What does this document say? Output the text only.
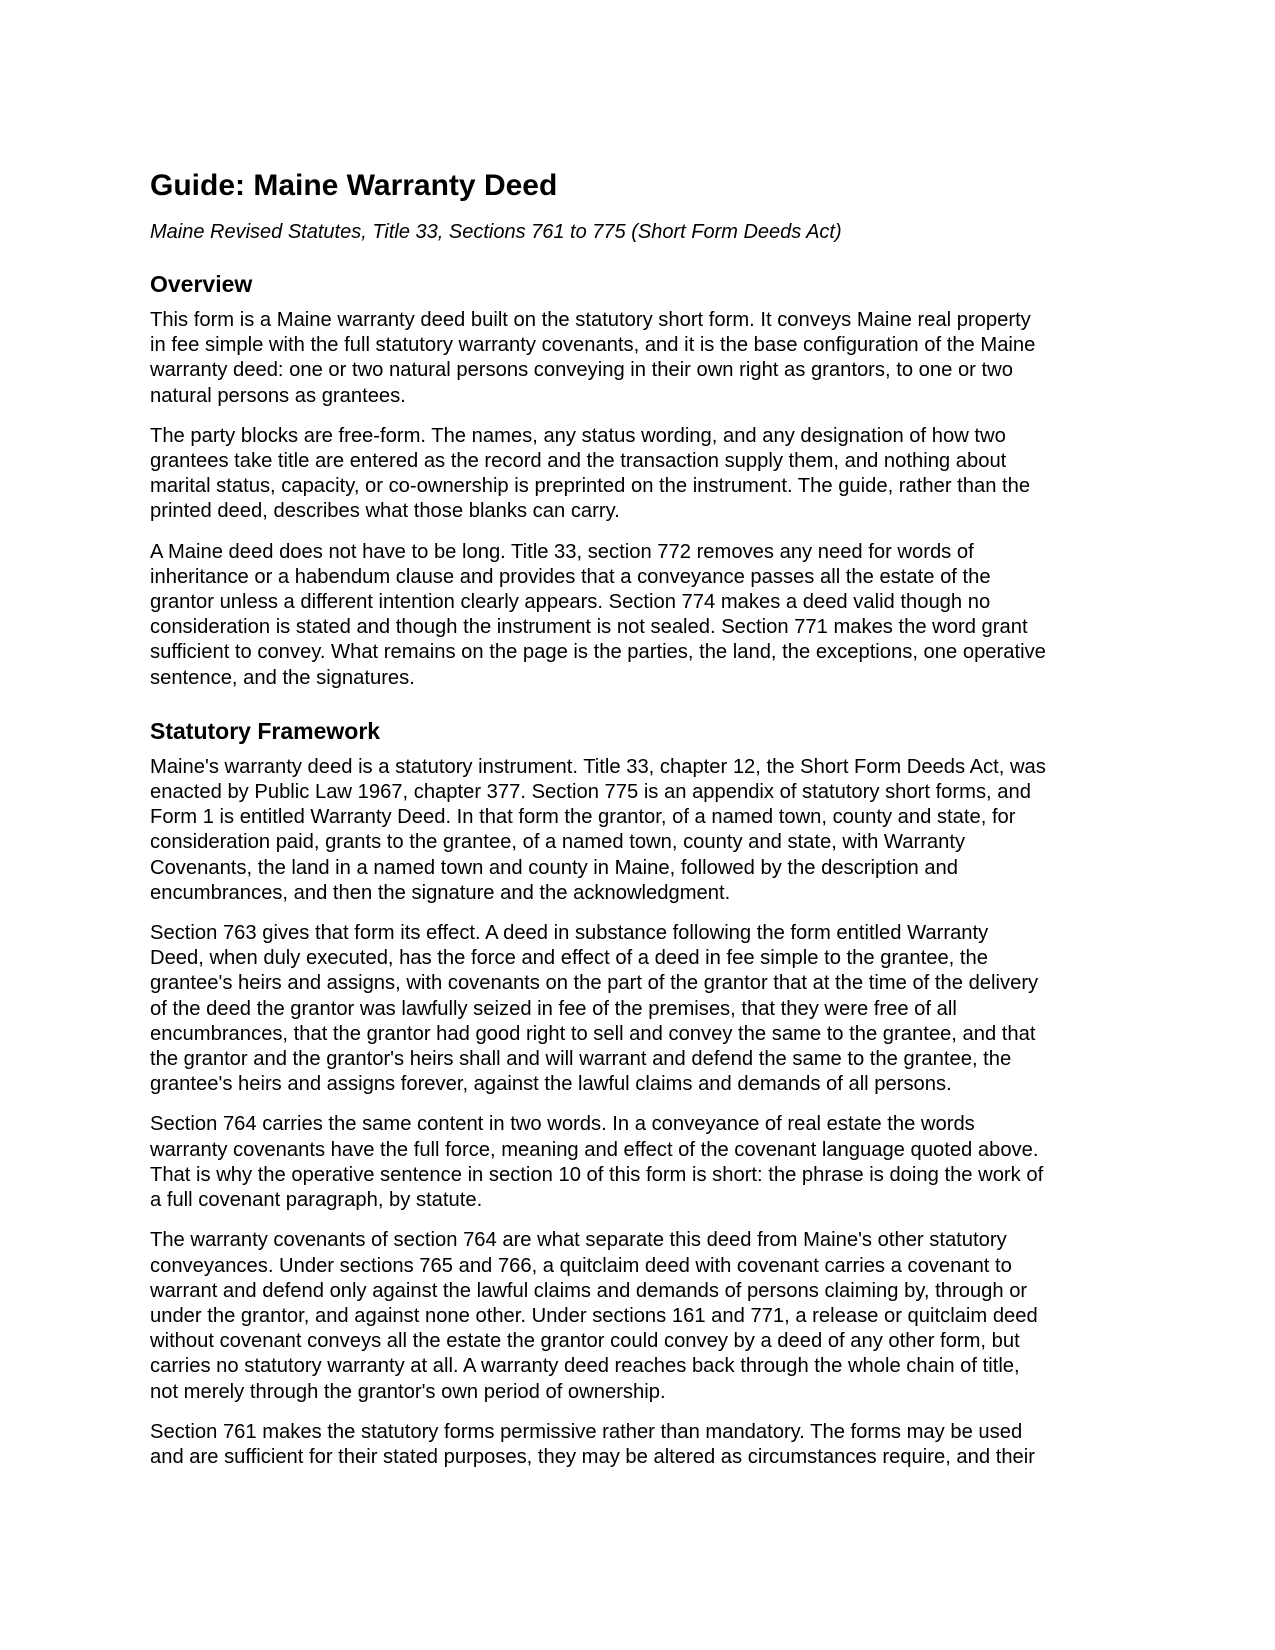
Guide: Maine Warranty Deed

Maine Revised Statutes, Title 33, Sections 761 to 775 (Short Form Deeds Act)

Overview

This form is a Maine warranty deed built on the statutory short form. It conveys Maine real property
in fee simple with the full statutory warranty covenants, and it is the base configuration of the Maine
warranty deed: one or two natural persons conveying in their own right as grantors, to one or two
natural persons as grantees.

The party blocks are free-form. The names, any status wording, and any designation of how two
grantees take title are entered as the record and the transaction supply them, and nothing about
marital status, capacity, or co-ownership is preprinted on the instrument. The guide, rather than the
printed deed, describes what those blanks can carry.

A Maine deed does not have to be long. Title 33, section 772 removes any need for words of
inheritance or a habendum clause and provides that a conveyance passes all the estate of the
grantor unless a different intention clearly appears. Section 774 makes a deed valid though no
consideration is stated and though the instrument is not sealed. Section 771 makes the word grant
sufficient to convey. What remains on the page is the parties, the land, the exceptions, one operative
sentence, and the signatures.

Statutory Framework

Maine's warranty deed is a statutory instrument. Title 33, chapter 12, the Short Form Deeds Act, was
enacted by Public Law 1967, chapter 377. Section 775 is an appendix of statutory short forms, and
Form 1 is entitled Warranty Deed. In that form the grantor, of a named town, county and state, for
consideration paid, grants to the grantee, of a named town, county and state, with Warranty
Covenants, the land in a named town and county in Maine, followed by the description and
encumbrances, and then the signature and the acknowledgment.

Section 763 gives that form its effect. A deed in substance following the form entitled Warranty
Deed, when duly executed, has the force and effect of a deed in fee simple to the grantee, the
grantee's heirs and assigns, with covenants on the part of the grantor that at the time of the delivery
of the deed the grantor was lawfully seized in fee of the premises, that they were free of all
encumbrances, that the grantor had good right to sell and convey the same to the grantee, and that
the grantor and the grantor's heirs shall and will warrant and defend the same to the grantee, the
grantee's heirs and assigns forever, against the lawful claims and demands of all persons.

Section 764 carries the same content in two words. In a conveyance of real estate the words
warranty covenants have the full force, meaning and effect of the covenant language quoted above.
That is why the operative sentence in section 10 of this form is short: the phrase is doing the work of
a full covenant paragraph, by statute.

The warranty covenants of section 764 are what separate this deed from Maine's other statutory
conveyances. Under sections 765 and 766, a quitclaim deed with covenant carries a covenant to
warrant and defend only against the lawful claims and demands of persons claiming by, through or
under the grantor, and against none other. Under sections 161 and 771, a release or quitclaim deed
without covenant conveys all the estate the grantor could convey by a deed of any other form, but
carries no statutory warranty at all. A warranty deed reaches back through the whole chain of title,
not merely through the grantor's own period of ownership.

Section 761 makes the statutory forms permissive rather than mandatory. The forms may be used
and are sufficient for their stated purposes, they may be altered as circumstances require, and their
